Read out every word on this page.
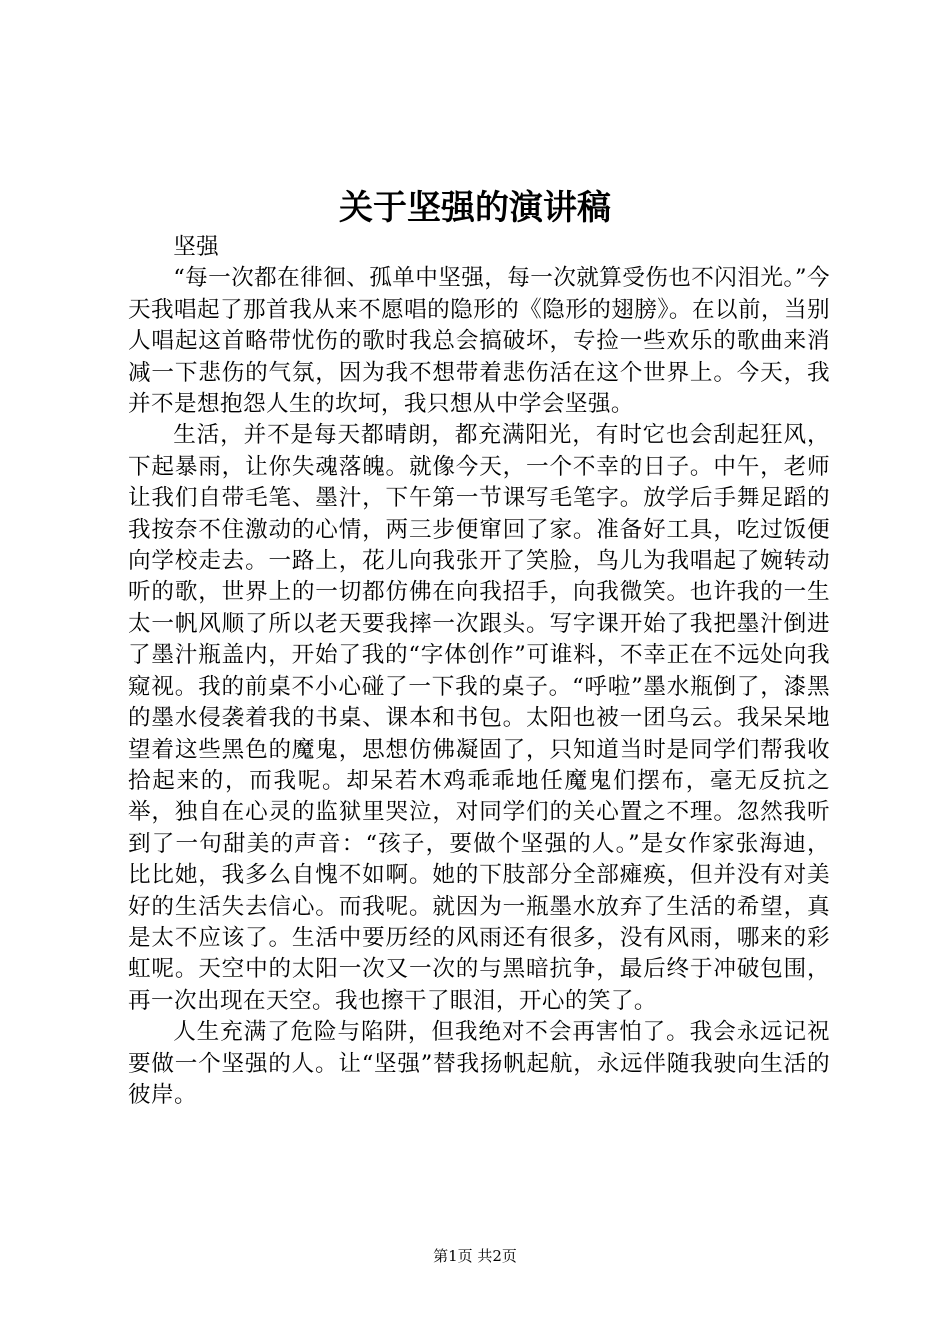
关于坚强的演讲稿

坚强

“每一次都在徘徊、孤单中坚强，每一次就算受伤也不闪泪光。”今天我唱起了那首我从来不愿唱的隐形的《隐形的翅膀》。在以前，当别人唱起这首略带忧伤的歌时我总会搞破坏，专捡一些欢乐的歌曲来消减一下悲伤的气氛，因为我不想带着悲伤活在这个世界上。今天，我并不是想抱怨人生的坎坷，我只想从中学会坚强。

生活，并不是每天都晴朗，都充满阳光，有时它也会刮起狂风，下起暴雨，让你失魂落魄。就像今天，一个不幸的日子。中午，老师让我们自带毛笔、墨汁，下午第一节课写毛笔字。放学后手舞足蹈的我按奈不住激动的心情，两三步便窜回了家。准备好工具，吃过饭便向学校走去。一路上，花儿向我张开了笑脸，鸟儿为我唱起了婉转动听的歌，世界上的一切都仿佛在向我招手，向我微笑。也许我的一生太一帆风顺了所以老天要我摔一次跟头。写字课开始了我把墨汁倒进了墨汁瓶盖内，开始了我的“字体创作”可谁料，不幸正在不远处向我窥视。我的前桌不小心碰了一下我的桌子。“呼啦”墨水瓶倒了，漆黑的墨水侵袭着我的书桌、课本和书包。太阳也被一团乌云。我呆呆地望着这些黑色的魔鬼，思想仿佛凝固了，只知道当时是同学们帮我收拾起来的，而我呢。却呆若木鸡乖乖地任魔鬼们摆布，毫无反抗之举，独自在心灵的监狱里哭泣，对同学们的关心置之不理。忽然我听到了一句甜美的声音：“孩子，要做个坚强的人。”是女作家张海迪，比比她，我多么自愧不如啊。她的下肢部分全部瘫痪，但并没有对美好的生活失去信心。而我呢。就因为一瓶墨水放弃了生活的希望，真是太不应该了。生活中要历经的风雨还有很多，没有风雨，哪来的彩虹呢。天空中的太阳一次又一次的与黑暗抗争，最后终于冲破包围，再一次出现在天空。我也擦干了眼泪，开心的笑了。

人生充满了危险与陷阱，但我绝对不会再害怕了。我会永远记祝要做一个坚强的人。让“坚强”替我扬帆起航，永远伴随我驶向生活的彼岸。

第1页 共2页
